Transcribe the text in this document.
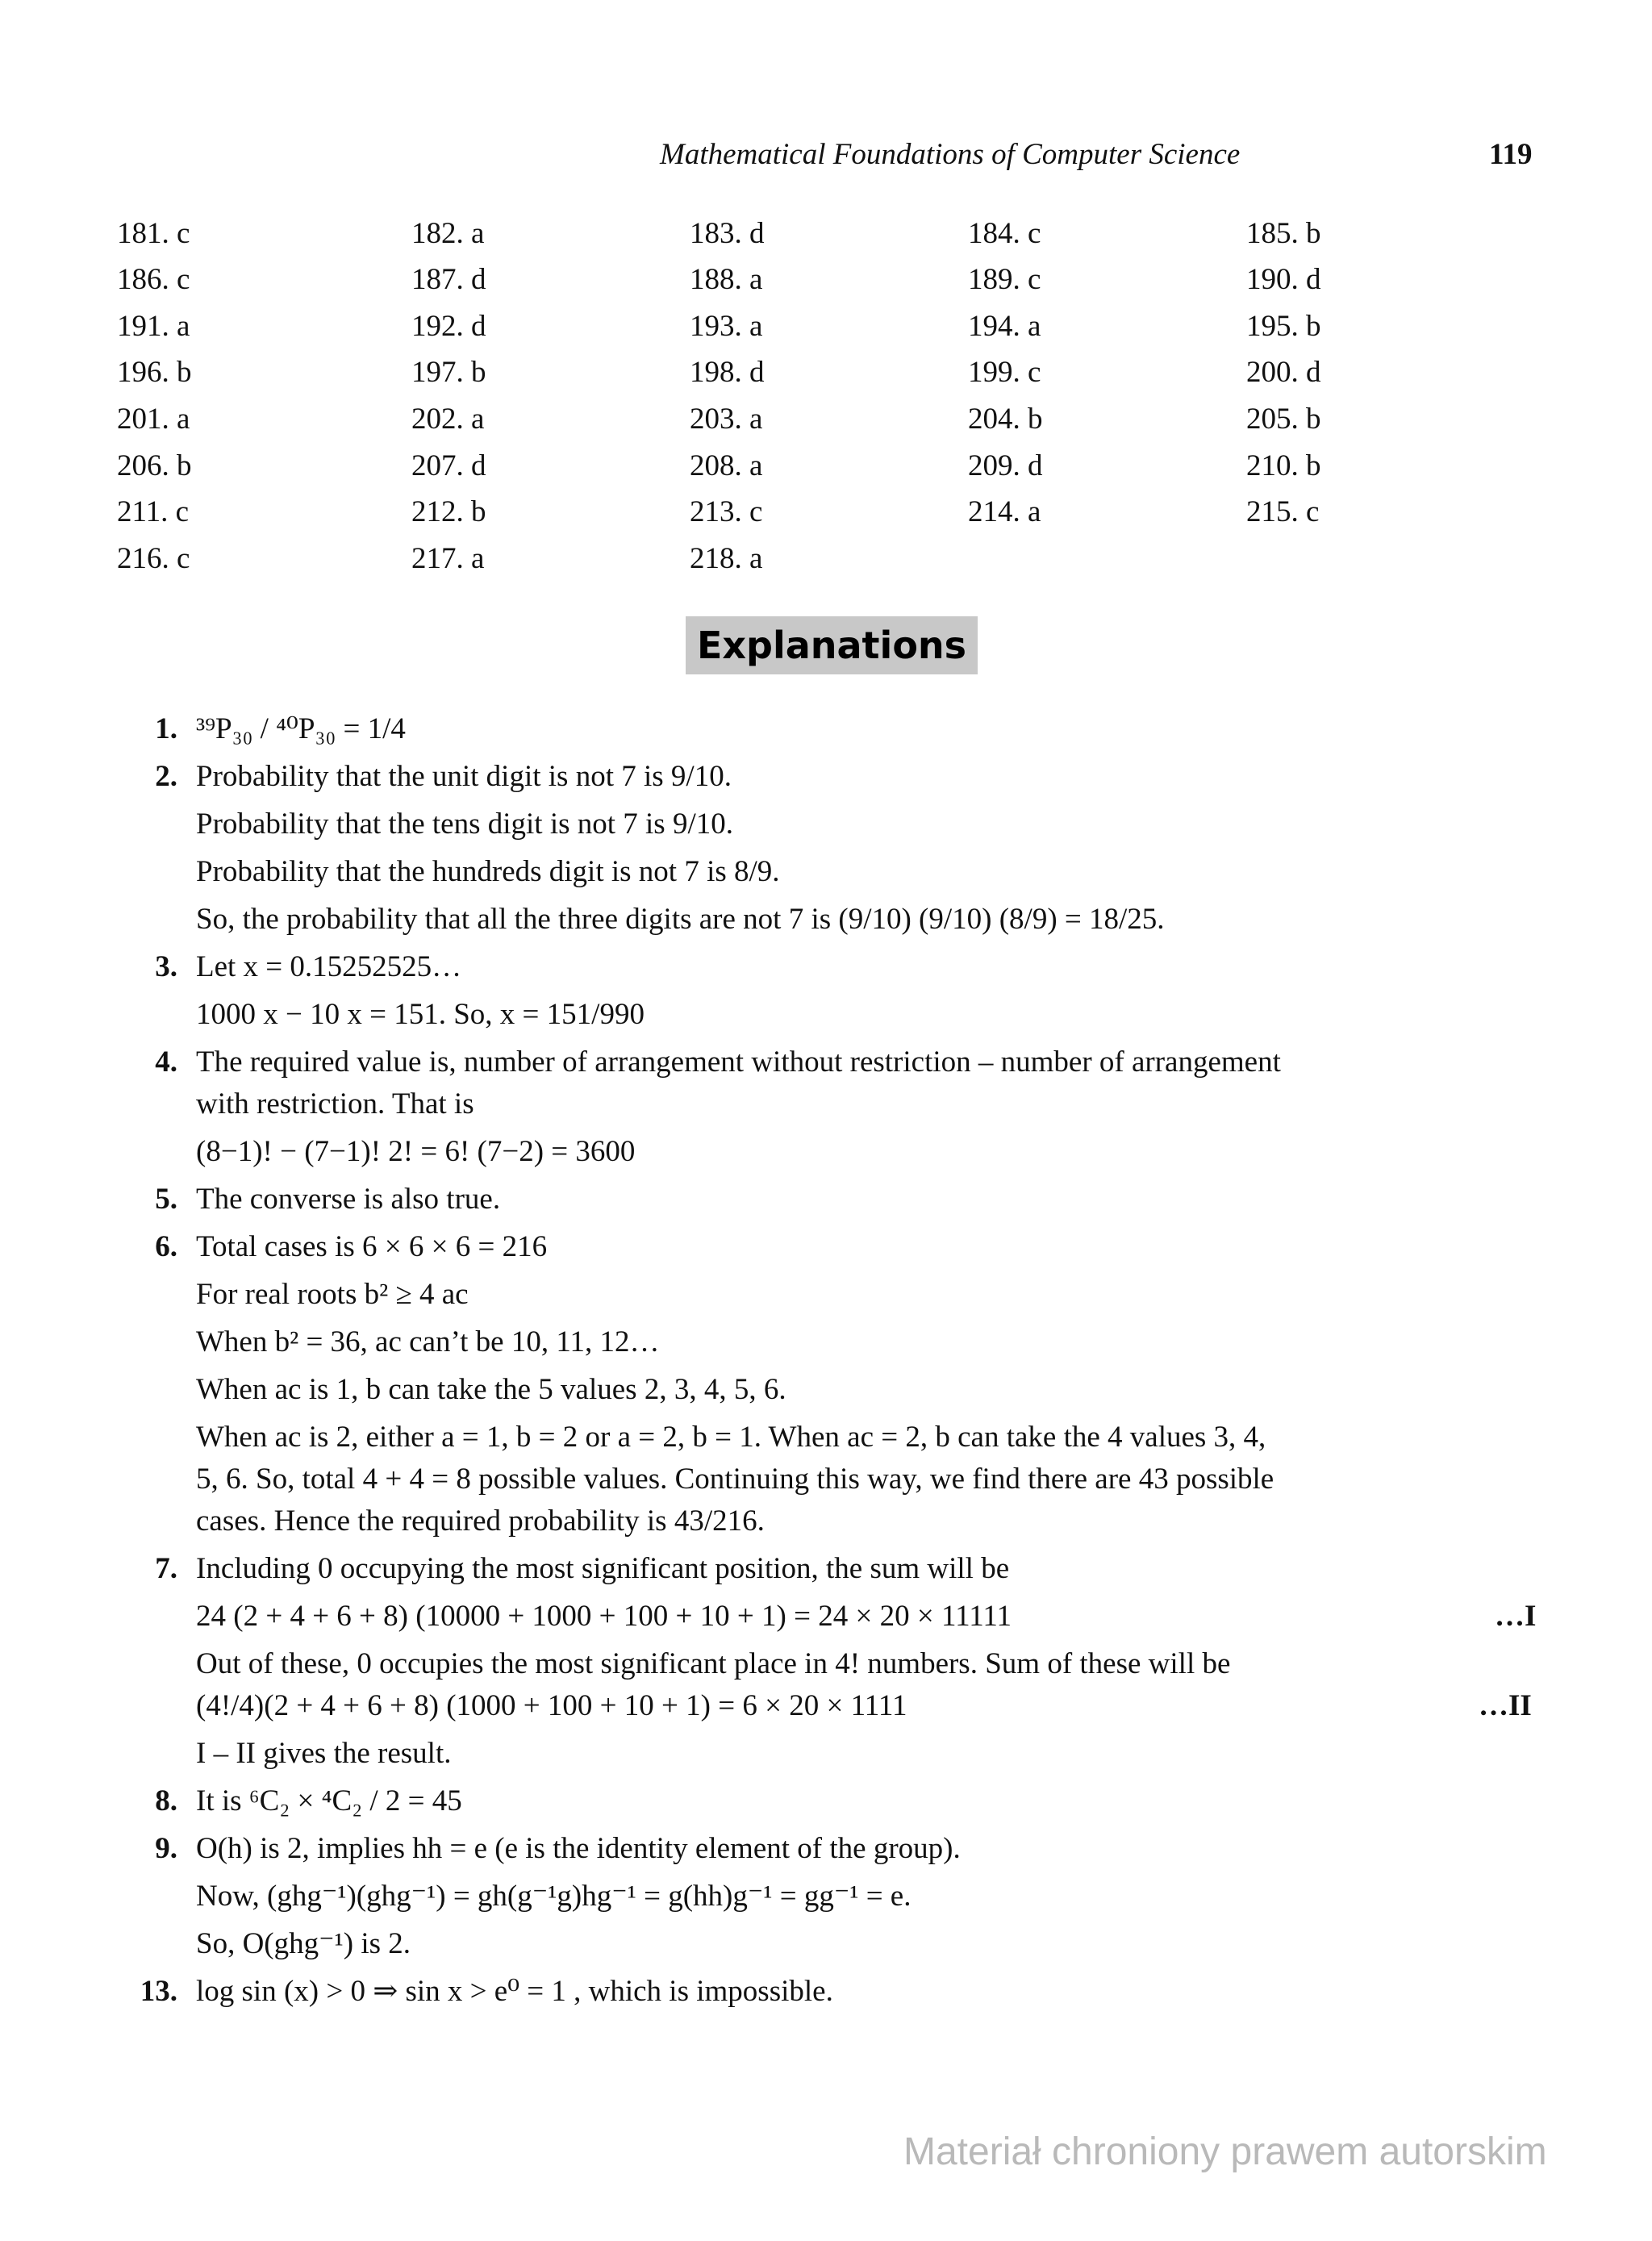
Mathematical Foundations of Computer Science	119
181. c	182. a	183. d	184. c	185. b
186. c	187. d	188. a	189. c	190. d
191. a	192. d	193. a	194. a	195. b
196. b	197. b	198. d	199. c	200. d
201. a	202. a	203. a	204. b	205. b
206. b	207. d	208. a	209. d	210. b
211. c	212. b	213. c	214. a	215. c
216. c	217. a	218. a
Explanations
1. ³⁹P₃₀ / ⁴⁰P₃₀ = 1/4
2. Probability that the unit digit is not 7 is 9/10.
Probability that the tens digit is not 7 is 9/10.
Probability that the hundreds digit is not 7 is 8/9.
So, the probability that all the three digits are not 7 is (9/10) (9/10) (8/9) = 18/25.
3. Let x = 0.15252525…
1000 x − 10 x = 151. So, x = 151/990
4. The required value is, number of arrangement without restriction – number of arrangement
with restriction. That is
(8−1)! − (7−1)! 2! = 6! (7−2) = 3600
5. The converse is also true.
6. Total cases is 6 × 6 × 6 = 216
For real roots b² ≥ 4 ac
When b² = 36, ac can’t be 10, 11, 12…
When ac is 1, b can take the 5 values 2, 3, 4, 5, 6.
When ac is 2, either a = 1, b = 2 or a = 2, b = 1. When ac = 2, b can take the 4 values 3, 4,
5, 6. So, total 4 + 4 = 8 possible values. Continuing this way, we find there are 43 possible
cases. Hence the required probability is 43/216.
7. Including 0 occupying the most significant position, the sum will be
24 (2 + 4 + 6 + 8) (10000 + 1000 + 100 + 10 + 1) = 24 × 20 × 11111	…I
Out of these, 0 occupies the most significant place in 4! numbers. Sum of these will be
(4!/4)(2 + 4 + 6 + 8) (1000 + 100 + 10 + 1) = 6 × 20 × 1111	…II
I – II gives the result.
8. It is ⁶C₂ × ⁴C₂ / 2 = 45
9. O(h) is 2, implies hh = e (e is the identity element of the group).
Now, (ghg⁻¹)(ghg⁻¹) = gh(g⁻¹g)hg⁻¹ = g(hh)g⁻¹ = gg⁻¹ = e.
So, O(ghg⁻¹) is 2.
13. log sin (x) > 0 ⇒ sin x > e⁰ = 1 , which is impossible.
Materiał chroniony prawem autorskim
